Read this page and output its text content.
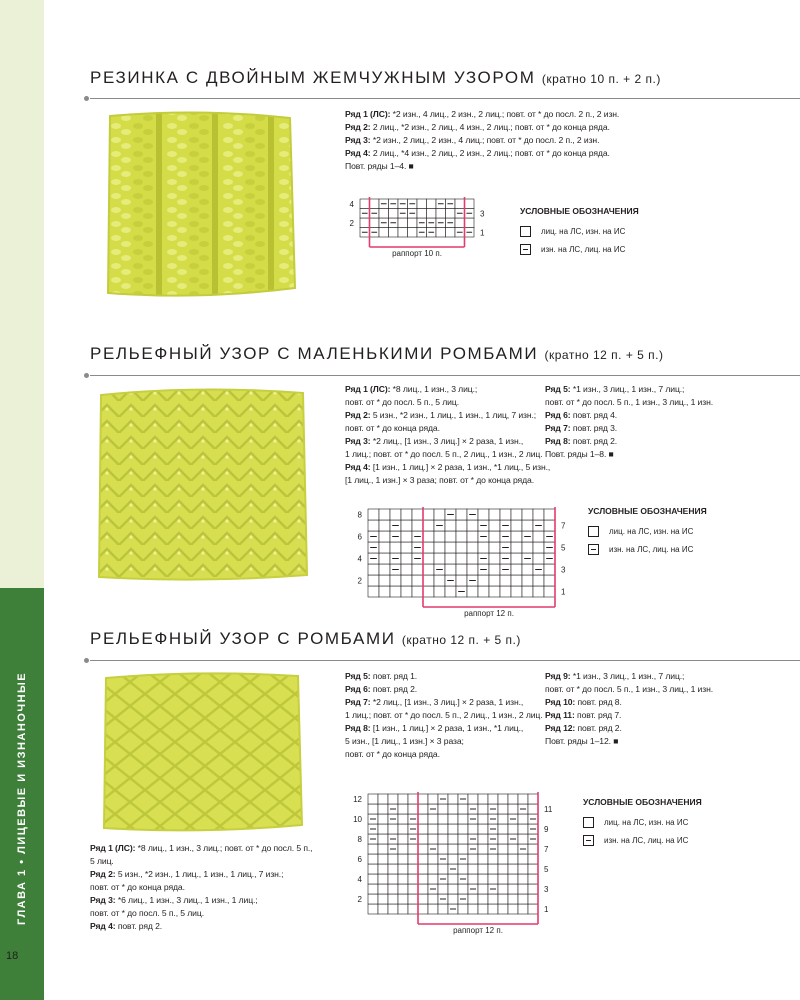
ГЛАВА 1 • ЛИЦЕВЫЕ И ИЗНАНОЧНЫЕ
18
РЕЗИНКА С ДВОЙНЫМ ЖЕМЧУЖНЫМ УЗОРОМ (кратно 10 п. + 2 п.)

Ряд 1 (ЛС): *2 изн., 4 лиц., 2 изн., 2 лиц.; повт. от * до посл. 2 п., 2 изн.

Ряд 2: 2 лиц., *2 изн., 2 лиц., 4 изн., 2 лиц.; повт. от * до конца ряда.

Ряд 3: *2 изн., 2 лиц., 2 изн., 4 лиц.; повт. от * до посл. 2 п., 2 изн.

Ряд 4: 2 лиц., *4 изн., 2 лиц., 2 изн., 2 лиц.; повт. от * до конца ряда.

Повт. ряды 1–4. ■

раппорт 10 п.
4
2
3
1
УСЛОВНЫЕ ОБОЗНАЧЕНИЯ
лиц. на ЛС, изн. на ИС
изн. на ЛС, лиц. на ИС
РЕЛЬЕФНЫЙ УЗОР С МАЛЕНЬКИМИ РОМБАМИ (кратно 12 п. + 5 п.)

Ряд 1 (ЛС): *8 лиц., 1 изн., 3 лиц.;

повт. от * до посл. 5 п., 5 лиц.

Ряд 2: 5 изн., *2 изн., 1 лиц., 1 изн., 1 лиц, 7 изн.;

повт. от * до конца ряда.

Ряд 3: *2 лиц., [1 изн., 3 лиц.] × 2 раза, 1 изн.,

1 лиц.; повт. от * до посл. 5 п., 2 лиц., 1 изн., 2 лиц.

Ряд 4: [1 изн., 1 лиц.] × 2 раза, 1 изн., *1 лиц., 5 изн.,

[1 лиц., 1 изн.] × 3 раза; повт. от * до конца ряда.

Ряд 5: *1 изн., 3 лиц., 1 изн., 7 лиц.;

повт. от * до посл. 5 п., 1 изн., 3 лиц., 1 изн.

Ряд 6: повт. ряд 4.

Ряд 7: повт. ряд 3.

Ряд 8: повт. ряд 2.

Повт. ряды 1–8. ■

раппорт 12 п.
8
6
4
2
7
5
3
1
УСЛОВНЫЕ ОБОЗНАЧЕНИЯ
лиц. на ЛС, изн. на ИС
изн. на ЛС, лиц. на ИС
РЕЛЬЕФНЫЙ УЗОР С РОМБАМИ (кратно 12 п. + 5 п.)

Ряд 1 (ЛС): *8 лиц., 1 изн., 3 лиц.; повт. от * до посл. 5 п.,

5 лиц.

Ряд 2: 5 изн., *2 изн., 1 лиц., 1 изн., 1 лиц., 7 изн.;

повт. от * до конца ряда.

Ряд 3: *6 лиц., 1 изн., 3 лиц., 1 изн., 1 лиц.;

повт. от * до посл. 5 п., 5 лиц.

Ряд 4: повт. ряд 2.

Ряд 5: повт. ряд 1.

Ряд 6: повт. ряд 2.

Ряд 7: *2 лиц., [1 изн., 3 лиц.] × 2 раза, 1 изн.,

1 лиц.; повт. от * до посл. 5 п., 2 лиц., 1 изн., 2 лиц.

Ряд 8: [1 изн., 1 лиц.] × 2 раза, 1 изн., *1 лиц.,

5 изн., [1 лиц., 1 изн.] × 3 раза;

повт. от * до конца ряда.

Ряд 9: *1 изн., 3 лиц., 1 изн., 7 лиц.;

повт. от * до посл. 5 п., 1 изн., 3 лиц., 1 изн.

Ряд 10: повт. ряд 8.

Ряд 11: повт. ряд 7.

Ряд 12: повт. ряд 2.

Повт. ряды 1–12. ■

раппорт 12 п.
12
10
8
6
4
2
11
9
7
5
3
1
УСЛОВНЫЕ ОБОЗНАЧЕНИЯ
лиц. на ЛС, изн. на ИС
изн. на ЛС, лиц. на ИС
